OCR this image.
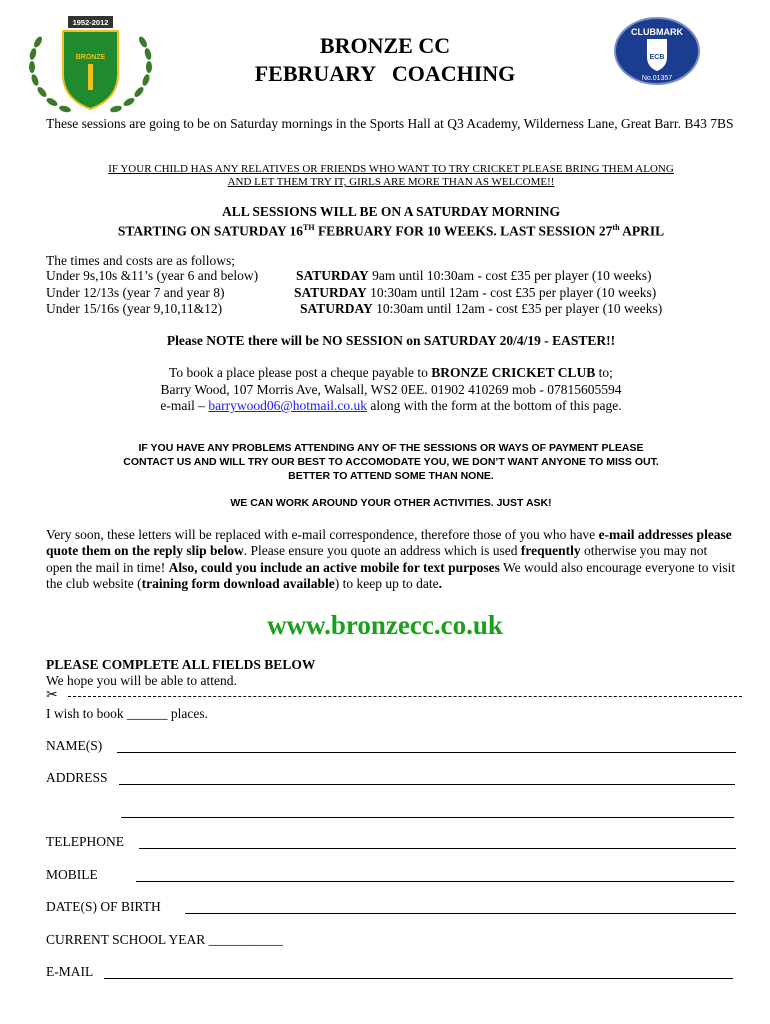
1952-2012
BRONZE
CLUBMARK
ECB
No.01357
BRONZE CC
FEBRUARY   COACHING
These sessions are going to be on Saturday mornings in the Sports Hall at Q3 Academy, Wilderness Lane, Great Barr. B43 7BS
IF YOUR CHILD HAS ANY RELATIVES OR FRIENDS WHO WANT TO TRY CRICKET PLEASE BRING THEM ALONG
AND LET THEM TRY IT, GIRLS ARE MORE THAN AS WELCOME!!
ALL SESSIONS WILL BE ON A SATURDAY MORNING
STARTING ON SATURDAY 16TH FEBRUARY FOR 10 WEEKS. LAST SESSION 27th APRIL
The times and costs are as follows;
Under 9s,10s &11’s (year 6 and below)	SATURDAY 9am until 10:30am - cost £35 per player (10 weeks)
Under 12/13s (year 7 and year 8)	SATURDAY 10:30am until 12am - cost £35 per player (10 weeks)
Under 15/16s (year 9,10,11&12)	SATURDAY 10:30am until 12am - cost £35 per player (10 weeks)
Please NOTE there will be NO SESSION on SATURDAY 20/4/19 - EASTER!!
To book a place please post a cheque payable to BRONZE CRICKET CLUB to;
Barry Wood, 107 Morris Ave, Walsall, WS2 0EE. 01902 410269 mob - 07815605594
e-mail – barrywood06@hotmail.co.uk along with the form at the bottom of this page.
IF YOU HAVE ANY PROBLEMS ATTENDING ANY OF THE SESSIONS OR WAYS OF PAYMENT PLEASE
CONTACT US AND WILL TRY OUR BEST TO ACCOMODATE YOU, WE DON’T WANT ANYONE TO MISS OUT.
BETTER TO ATTEND SOME THAN NONE.
WE CAN WORK AROUND YOUR OTHER ACTIVITIES. JUST ASK!
Very soon, these letters will be replaced with e-mail correspondence, therefore those of you who have e-mail addresses please quote them on the reply slip below. Please ensure you quote an address which is used frequently otherwise you may not open the mail in time! Also, could you include an active mobile for text purposes We would also encourage everyone to visit the club website (training form download available) to keep up to date.
www.bronzecc.co.uk
PLEASE COMPLETE ALL FIELDS BELOW
We hope you will be able to attend.
✂
I wish to book ______ places.
NAME(S)
ADDRESS
TELEPHONE
MOBILE
DATE(S) OF BIRTH
CURRENT SCHOOL YEAR ___________
E-MAIL
